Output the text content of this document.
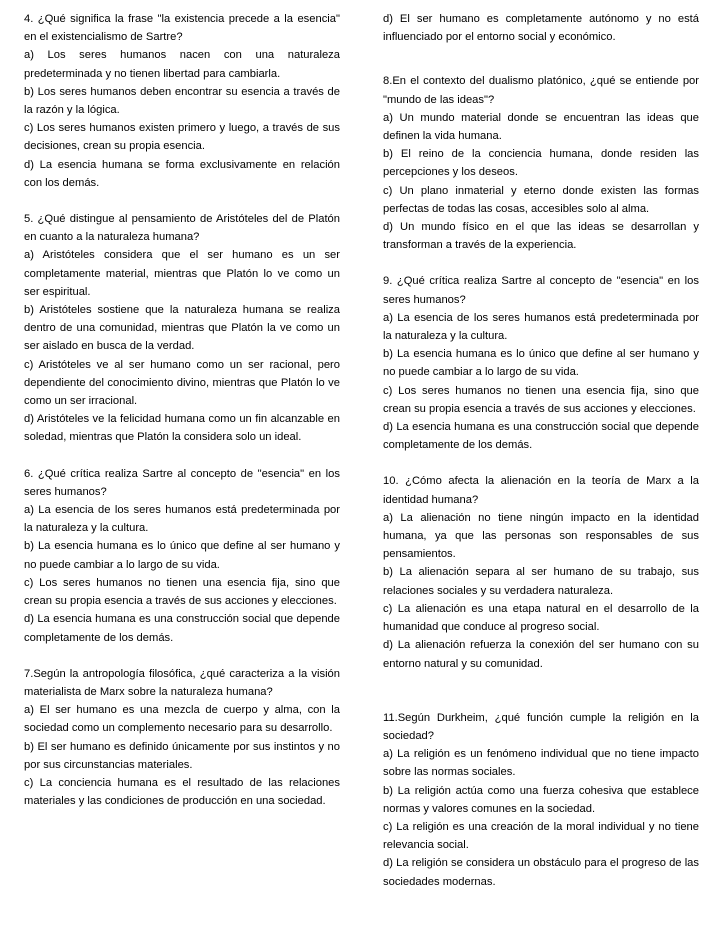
4. ¿Qué significa la frase "la existencia precede a la esencia" en el existencialismo de Sartre?

a) Los seres humanos nacen con una naturaleza predeterminada y no tienen libertad para cambiarla.

b) Los seres humanos deben encontrar su esencia a través de la razón y la lógica.

c) Los seres humanos existen primero y luego, a través de sus decisiones, crean su propia esencia.

d) La esencia humana se forma exclusivamente en relación con los demás.

5. ¿Qué distingue al pensamiento de Aristóteles del de Platón en cuanto a la naturaleza humana?

a) Aristóteles considera que el ser humano es un ser completamente material, mientras que Platón lo ve como un ser espiritual.

b) Aristóteles sostiene que la naturaleza humana se realiza dentro de una comunidad, mientras que Platón la ve como un ser aislado en busca de la verdad.

c) Aristóteles ve al ser humano como un ser racional, pero dependiente del conocimiento divino, mientras que Platón lo ve como un ser irracional.

d) Aristóteles ve la felicidad humana como un fin alcanzable en soledad, mientras que Platón la considera solo un ideal.

6. ¿Qué crítica realiza Sartre al concepto de "esencia" en los seres humanos?

a) La esencia de los seres humanos está predeterminada por la naturaleza y la cultura.

b) La esencia humana es lo único que define al ser humano y no puede cambiar a lo largo de su vida.

c) Los seres humanos no tienen una esencia fija, sino que crean su propia esencia a través de sus acciones y elecciones.

d) La esencia humana es una construcción social que depende completamente de los demás.

7.Según la antropología filosófica, ¿qué caracteriza a la visión materialista de Marx sobre la naturaleza humana?

a) El ser humano es una mezcla de cuerpo y alma, con la sociedad como un complemento necesario para su desarrollo.

b) El ser humano es definido únicamente por sus instintos y no por sus circunstancias materiales.

c) La conciencia humana es el resultado de las relaciones materiales y las condiciones de producción en una sociedad.

d) El ser humano es completamente autónomo y no está influenciado por el entorno social y económico.

8.En el contexto del dualismo platónico, ¿qué se entiende por "mundo de las ideas"?

a) Un mundo material donde se encuentran las ideas que definen la vida humana.

b) El reino de la conciencia humana, donde residen las percepciones y los deseos.

c) Un plano inmaterial y eterno donde existen las formas perfectas de todas las cosas, accesibles solo al alma.

d) Un mundo físico en el que las ideas se desarrollan y transforman a través de la experiencia.

9. ¿Qué crítica realiza Sartre al concepto de "esencia" en los seres humanos?

a) La esencia de los seres humanos está predeterminada por la naturaleza y la cultura.

b) La esencia humana es lo único que define al ser humano y no puede cambiar a lo largo de su vida.

c) Los seres humanos no tienen una esencia fija, sino que crean su propia esencia a través de sus acciones y elecciones.

d) La esencia humana es una construcción social que depende completamente de los demás.

10. ¿Cómo afecta la alienación en la teoría de Marx a la identidad humana?

a) La alienación no tiene ningún impacto en la identidad humana, ya que las personas son responsables de sus pensamientos.

b) La alienación separa al ser humano de su trabajo, sus relaciones sociales y su verdadera naturaleza.

c) La alienación es una etapa natural en el desarrollo de la humanidad que conduce al progreso social.

d) La alienación refuerza la conexión del ser humano con su entorno natural y su comunidad.

11.Según Durkheim, ¿qué función cumple la religión en la sociedad?

a) La religión es un fenómeno individual que no tiene impacto sobre las normas sociales.

b) La religión actúa como una fuerza cohesiva que establece normas y valores comunes en la sociedad.

c) La religión es una creación de la moral individual y no tiene relevancia social.

d) La religión se considera un obstáculo para el progreso de las sociedades modernas.
